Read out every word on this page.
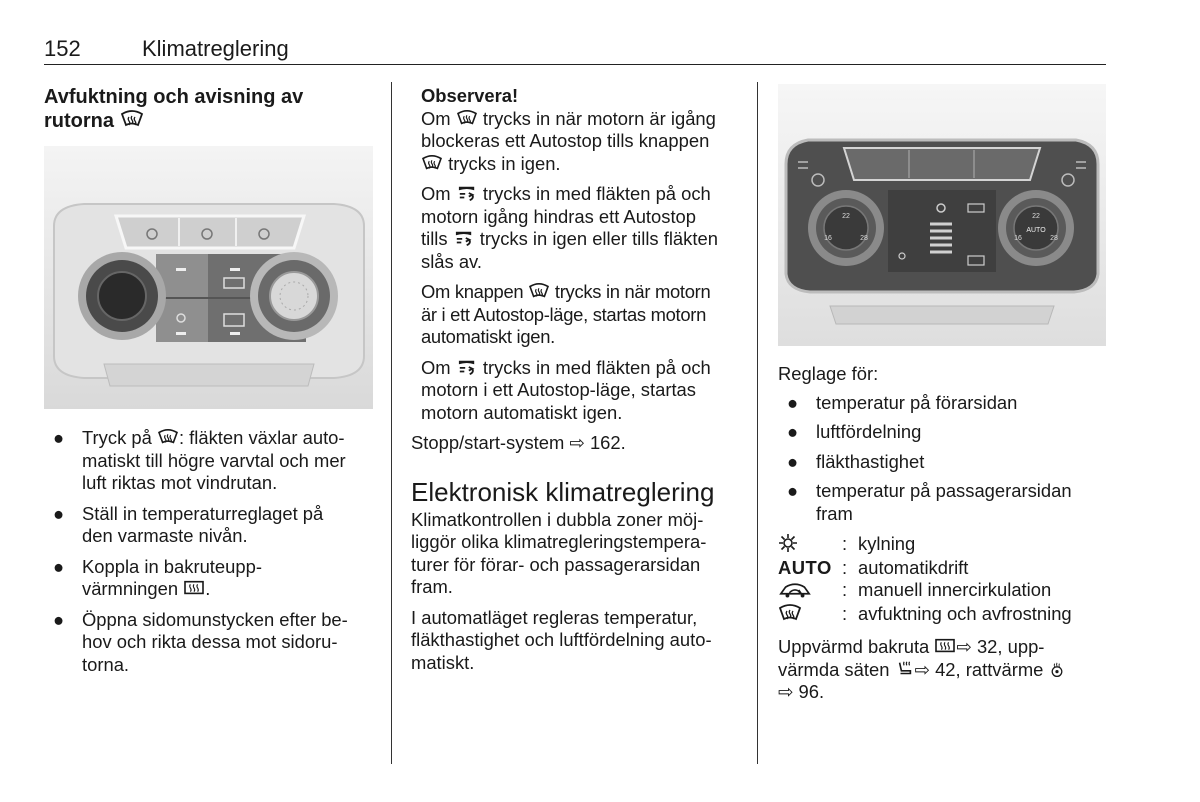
152	Klimatreglering
Avfuktning och avisning av
rutorna
● Tryck på : fläkten växlar auto-
matiskt till högre varvtal och mer
luft riktas mot vindrutan.
● Ställ in temperaturreglaget på
den varmaste nivån.
● Koppla in bakruteupp-
värmningen .
● Öppna sidomunstycken efter be-
hov och rikta dessa mot sidoru-
torna.

Observera!

Om  trycks in när motorn är igång
blockeras ett Autostop tills knappen
trycks in igen.

Om  trycks in med fläkten på och
motorn igång hindras ett Autostop
tills  trycks in igen eller tills fläkten
slås av.

Om knappen  trycks in när motorn
är i ett Autostop-läge, startas motorn
automatiskt igen.

Om  trycks in med fläkten på och
motorn i ett Autostop-läge, startas
motorn automatiskt igen.

Stopp/start-system ⇨ 162.

Elektronisk klimatreglering

Klimatkontrollen i dubbla zoner möj-
liggör olika klimatregleringstempera-
turer för förar- och passagerarsidan
fram.

I automatläget regleras temperatur,
fläkthastighet och luftfördelning auto-
matiskt.

22
16	28
22
16	28
AUTO

Reglage för:

● temperatur på förarsidan
● luftfördelning
● fläkthastighet
● temperatur på passagerarsidan
fram
: kylning
AUTO : automatikdrift
: manuell innercirkulation
: avfuktning och avfrostning

Uppvärmd bakruta ⇨ 32, upp-
värmda säten ⇨ 42, rattvärme
⇨ 96.
